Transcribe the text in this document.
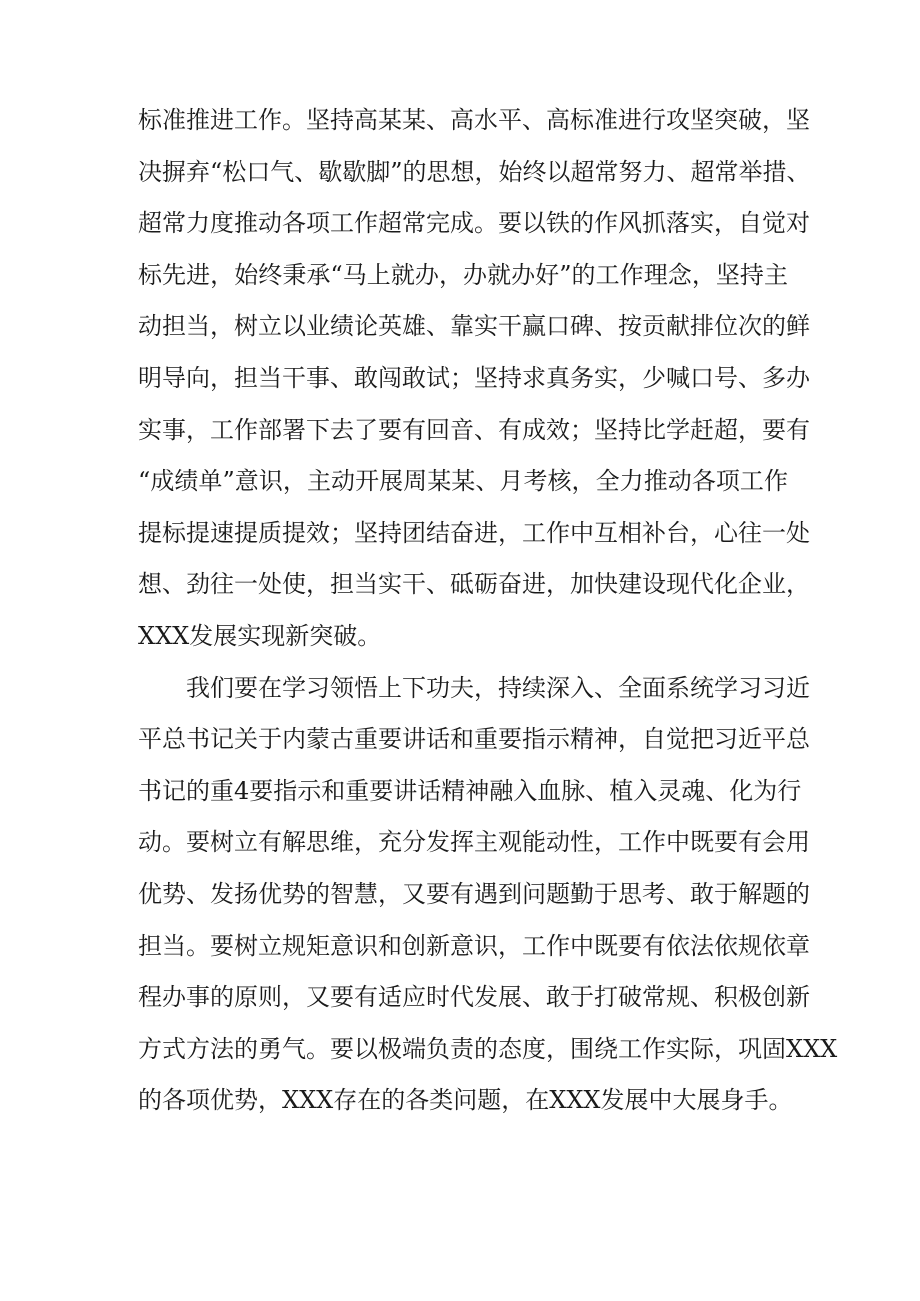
标准推进工作。坚持高某某、高水平、高标准进行攻坚突破，坚
决摒弃“松口气、歇歇脚”的思想，始终以超常努力、超常举措、
超常力度推动各项工作超常完成。要以铁的作风抓落实，自觉对
标先进，始终秉承“马上就办，办就办好”的工作理念，坚持主
动担当，树立以业绩论英雄、靠实干赢口碑、按贡献排位次的鲜
明导向，担当干事、敢闯敢试；坚持求真务实，少喊口号、多办
实事，工作部署下去了要有回音、有成效；坚持比学赶超，要有
“成绩单”意识，主动开展周某某、月考核，全力推动各项工作
提标提速提质提效；坚持团结奋进，工作中互相补台，心往一处
想、劲往一处使，担当实干、砥砺奋进，加快建设现代化企业，
XXX发展实现新突破。
我们要在学习领悟上下功夫，持续深入、全面系统学习习近
平总书记关于内蒙古重要讲话和重要指示精神，自觉把习近平总
书记的重4要指示和重要讲话精神融入血脉、植入灵魂、化为行
动。要树立有解思维，充分发挥主观能动性，工作中既要有会用
优势、发扬优势的智慧，又要有遇到问题勤于思考、敢于解题的
担当。要树立规矩意识和创新意识，工作中既要有依法依规依章
程办事的原则，又要有适应时代发展、敢于打破常规、积极创新
方式方法的勇气。要以极端负责的态度，围绕工作实际，巩固XXX
的各项优势，XXX存在的各类问题，在XXX发展中大展身手。
